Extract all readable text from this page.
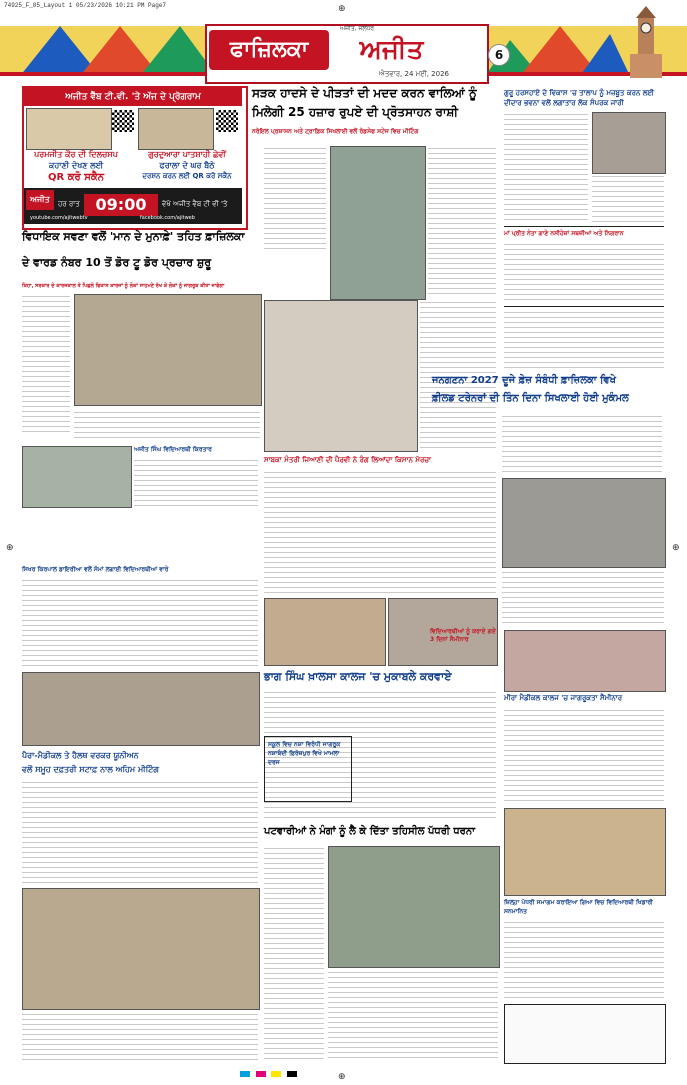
74925_F_05_Layout 1 05/23/2026 10:21 PM Page7
⊕	⊕
⊕
⊕
ਫਾਜ਼ਿਲਕਾ	ਅਜੀਤ
ਅਜੀਤ, ਜਲੰਧਰ
ਐਤਵਾਰ, 24 ਮਈ, 2026
6
ਅਜੀਤ ਵੈੱਬ ਟੀ.ਵੀ. 'ਤੇ ਅੱਜ ਦੇ ਪ੍ਰੋਗਰਾਮ
ਪਰਮਜੀਤ ਕੌਰ ਦੀ ਦਿਲਚਸਪ
ਕਹਾਣੀ ਦੇਖਣ ਲਈ
QR ਕਰੋ ਸਕੈਨ
ਗੁਰਦੁਆਰਾ ਪਾਤਸ਼ਾਹੀ ਛੇਵੀਂ
ਫਰਾਲਾ ਦੇ ਘਰ ਬੈਠੇ
ਦਰਸ਼ਨ ਕਰਨ ਲਈ QR ਕਰੋ ਸਕੈਨ
ਅਜੀਤ	ਹਰ ਰਾਤ 09:00	ਵੇਖੋ ਅਜੀਤ ਵੈਬ ਟੀ ਵੀ 'ਤੇ
youtube.com/ajitwebtv	facebook.com/ajitweb
ਸੜਕ ਹਾਦਸੇ ਦੇ ਪੀੜਤਾਂ ਦੀ ਮਦਦ ਕਰਨ ਵਾਲਿਆਂ ਨੂੰ
ਮਿਲੇਗੀ 25 ਹਜ਼ਾਰ ਰੁਪਏ ਦੀ ਪ੍ਰੋਤਸਾਹਨ ਰਾਸ਼ੀ
ਨਰੋਇਲ ਪ੍ਰਸ਼ਾਸਨ ਅਤੇ ਟ੍ਰਾਫ਼ਿਕ ਸਿਖਲਾਈ ਵਲੋਂ ਰੋਡਸੇਫ ਸਟੇਜ ਵਿਚ ਮੀਟਿੰਗ
ਗੁਰੂ ਹਰਸਹਾਏ ਦੇ ਵਿਕਾਸ 'ਚ ਤਾਲਾਪ ਨੂੰ ਮਜ਼ਬੂਤ ਕਰਨ ਲਈ ਦੀਦਾਰ ਭਵਨਾ ਵਲੋਂ ਲਗਾਤਾਰ ਲੋਕ ਸੰਪਰਕ ਜਾਰੀ
ਮਾਂ ਪ੍ਰੀਤ ਨੇਤਾ ਗਾਣੇ ਨਸੀਹੇਜ਼ਾਂ ਸਬਜ਼ੀਆਂ ਅਤੇ ਨਿਗਰਾਨ
ਵਿਧਾਇਕ ਸਵਣਾ ਵਲੋਂ 'ਮਾਨ ਦੇ ਮੁਨਾਫ਼ੇ' ਤਹਿਤ ਫ਼ਾਜ਼ਿਲਕਾ
ਦੇ ਵਾਰਡ ਨੰਬਰ 10 ਤੋਂ ਡੋਰ ਟੂ ਡੋਰ ਪ੍ਰਚਾਰ ਸ਼ੁਰੂ
ਕਿਹਾ, ਸਰਕਾਰ ਦੇ ਕਾਰਜਕਾਲ ਤੇ ਪਿਛਲੇ ਵਿਕਾਸ ਕਾਰਜਾਂ ਨੂੰ ਲੋਕਾਂ ਸਾਹਮਣੇ ਰੱਖ ਕੇ ਲੋਕਾਂ ਨੂੰ ਜਾਗਰੂਕ ਕੀਤਾ ਜਾਵੇਗਾ
ਜਨਗਣਨਾ 2027 ਦੂਜੇ ਫ਼ੇਜ਼ ਸੰਬੰਧੀ ਫ਼ਾਜ਼ਿਲਕਾ ਵਿਖੇ
ਫ਼ੀਲਡ ਟਰੇਨਰਾਂ ਦੀ ਤਿੰਨ ਦਿਨਾ ਸਿਖਲਾਈ ਹੋਈ ਮੁਕੰਮਲ
ਅਜੀਤ ਸਿੰਘ ਵਿਦਿਆਰਥੀ ਕਿਰਤਾਰ
ਸਿਖਰ ਕਿਰਪਾਲ ਡਾਇਰੀਆ ਵਲੋਂ ਸੋਮਾਂ ਲਗਾਈ ਵਿਦਿਆਰਥੀਆਂ ਵਾਰੇ
ਸਾਬਕਾ ਮੰਤਰੀ ਜਿਆਣੀ ਦੀ ਪੈਰਵੀ ਨੇ ਰੰਗ ਲਿਆਂਦਾ ਕਿਸਾਨ ਮੋਰਚਾ
ਭਾਗ ਸਿੰਘ ਖ਼ਾਲਸਾ ਕਾਲਜ 'ਚ ਮੁਕਾਬਲੇ ਕਰਵਾਏ
ਵਿਦਿਆਰਥੀਆਂ ਨੂੰ ਕਰਾਏ ਗਏ 3 ਦਿਨਾਂ ਸੈਮੀਨਾਰ
ਮੀਰਾ ਮੈਡੀਕਲ ਕਾਲਜ 'ਚ ਜਾਗਰੂਕਤਾ ਸੈਮੀਨਾਰ
ਪੈਰਾ-ਮੈਡੀਕਲ ਤੇ ਹੈਲਥ ਵਰਕਰ ਯੂਨੀਅਨ
ਵਲੋਂ ਸਮੂਹ ਦਫ਼ਤਰੀ ਸਟਾਫ਼ ਨਾਲ ਅਹਿਮ ਮੀਟਿੰਗ
ਸਕੂਲ ਵਿਚ ਨਸ਼ਾ ਵਿਰੋਧੀ ਜਾਗਰੂਕ ਨਸ਼ਾਬੰਦੀ ਫ਼ਿਰੋਜ਼ਪੁਰ ਵਿਖੇ ਮਾਮਲਾ ਦਰਜ
ਪਟਵਾਰੀਆਂ ਨੇ ਮੰਗਾਂ ਨੂੰ ਲੈ ਕੇ ਦਿੱਤਾ ਤਹਿਸੀਲ ਪੱਧਰੀ ਧਰਨਾ
ਜ਼ਿਲ੍ਹਾ ਪੱਧਰੀ ਸਮਾਗਮ ਕਰਾਇਆ ਗਿਆ ਵਿਚ ਵਿਦਿਆਰਥੀ ਖਿਡਾਰੀ ਸਨਮਾਨਿਤ
